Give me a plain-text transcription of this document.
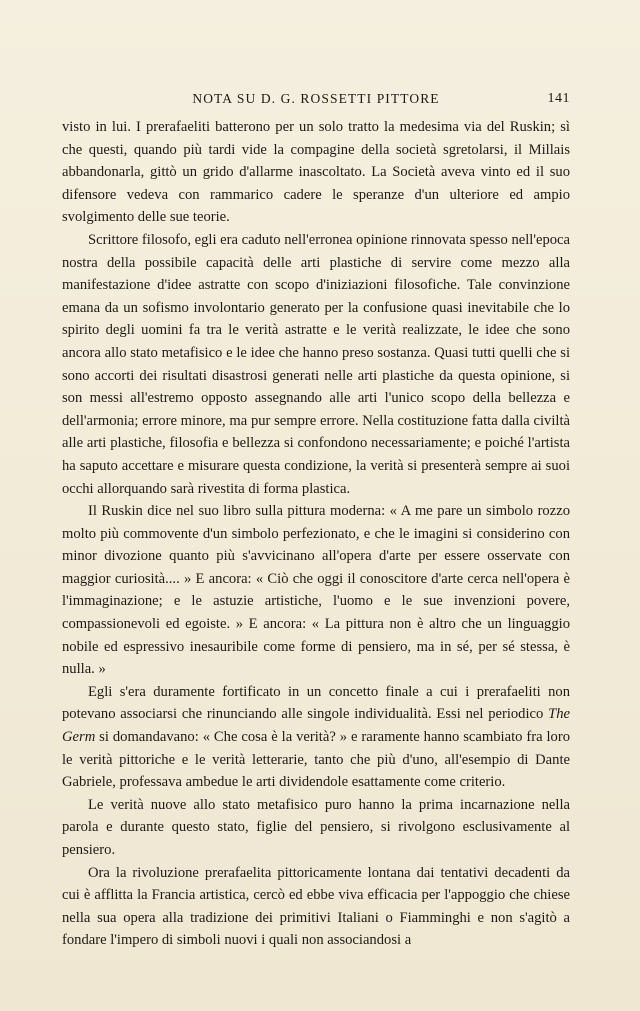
NOTA SU D. G. ROSSETTI PITTORE	141

visto in lui. I prerafaeliti batterono per un solo tratto la medesima via del Ruskin; sì che questi, quando più tardi vide la compagine della società sgretolarsi, il Millais abbandonarla, gittò un grido d'allarme inascoltato. La Società aveva vinto ed il suo difensore vedeva con rammarico cadere le speranze d'un ulteriore ed ampio svolgimento delle sue teorie.

Scrittore filosofo, egli era caduto nell'erronea opinione rinnovata spesso nell'epoca nostra della possibile capacità delle arti plastiche di servire come mezzo alla manifestazione d'idee astratte con scopo d'iniziazioni filosofiche. Tale convinzione emana da un sofismo involontario generato per la confusione quasi inevitabile che lo spirito degli uomini fa tra le verità astratte e le verità realizzate, le idee che sono ancora allo stato metafisico e le idee che hanno preso sostanza. Quasi tutti quelli che si sono accorti dei risultati disastrosi generati nelle arti plastiche da questa opinione, si son messi all'estremo opposto assegnando alle arti l'unico scopo della bellezza e dell'armonia; errore minore, ma pur sempre errore. Nella costituzione fatta dalla civiltà alle arti plastiche, filosofia e bellezza si confondono necessariamente; e poiché l'artista ha saputo accettare e misurare questa condizione, la verità si presenterà sempre ai suoi occhi allorquando sarà rivestita di forma plastica.

Il Ruskin dice nel suo libro sulla pittura moderna: « A me pare un simbolo rozzo molto più commovente d'un simbolo perfezionato, e che le imagini si considerino con minor divozione quanto più s'avvicinano all'opera d'arte per essere osservate con maggior curiosità.... » E ancora: « Ciò che oggi il conoscitore d'arte cerca nell'opera è l'immaginazione; e le astuzie artistiche, l'uomo e le sue invenzioni povere, compassionevoli ed egoiste. » E ancora: « La pittura non è altro che un linguaggio nobile ed espressivo inesauribile come forme di pensiero, ma in sé, per sé stessa, è nulla. »

Egli s'era duramente fortificato in un concetto finale a cui i prerafaeliti non potevano associarsi che rinunciando alle singole individualità. Essi nel periodico The Germ si domandavano: « Che cosa è la verità? » e raramente hanno scambiato fra loro le verità pittoriche e le verità letterarie, tanto che più d'uno, all'esempio di Dante Gabriele, professava ambedue le arti dividendole esattamente come criterio.

Le verità nuove allo stato metafisico puro hanno la prima incarnazione nella parola e durante questo stato, figlie del pensiero, si rivolgono esclusivamente al pensiero.

Ora la rivoluzione prerafaelita pittoricamente lontana dai tentativi decadenti da cui è afflitta la Francia artistica, cercò ed ebbe viva efficacia per l'appoggio che chiese nella sua opera alla tradizione dei primitivi Italiani o Fiamminghi e non s'agitò a fondare l'impero di simboli nuovi i quali non associandosi a
